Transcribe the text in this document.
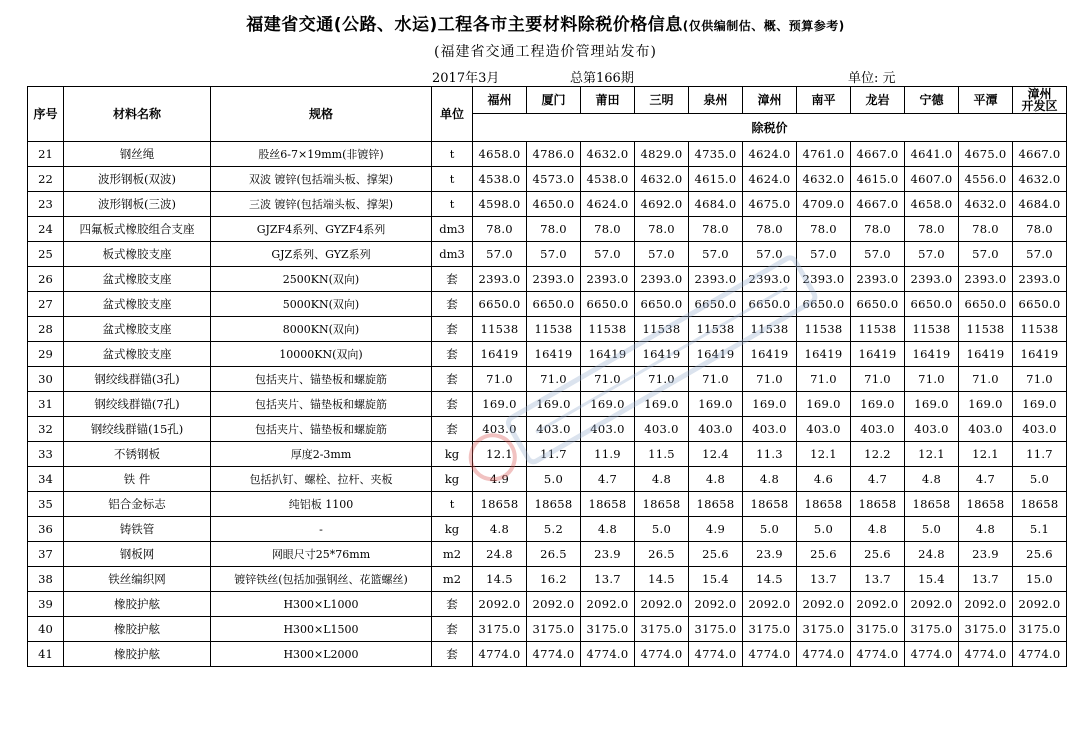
福建省交通(公路、水运)工程各市主要材料除税价格信息(仅供编制估、概、预算参考)
(福建省交通工程造价管理站发布)
2017年3月	总第166期	单位: 元
序号	材料名称	规格	单位	福州	厦门	莆田	三明	泉州	漳州	南平	龙岩	宁德	平潭	漳州
开发区
				除税价										
21	钢丝绳	股丝6-7×19mm(非镀锌)	t	4658.0	4786.0	4632.0	4829.0	4735.0	4624.0	4761.0	4667.0	4641.0	4675.0	4667.0
22	波形钢板(双波)	双波 镀锌(包括端头板、撑架)	t	4538.0	4573.0	4538.0	4632.0	4615.0	4624.0	4632.0	4615.0	4607.0	4556.0	4632.0
23	波形钢板(三波)	三波 镀锌(包括端头板、撑架)	t	4598.0	4650.0	4624.0	4692.0	4684.0	4675.0	4709.0	4667.0	4658.0	4632.0	4684.0
24	四氟板式橡胶组合支座	GJZF4系列、GYZF4系列	dm3	78.0	78.0	78.0	78.0	78.0	78.0	78.0	78.0	78.0	78.0	78.0
25	板式橡胶支座	GJZ系列、GYZ系列	dm3	57.0	57.0	57.0	57.0	57.0	57.0	57.0	57.0	57.0	57.0	57.0
26	盆式橡胶支座	2500KN(双向)	套	2393.0	2393.0	2393.0	2393.0	2393.0	2393.0	2393.0	2393.0	2393.0	2393.0	2393.0
27	盆式橡胶支座	5000KN(双向)	套	6650.0	6650.0	6650.0	6650.0	6650.0	6650.0	6650.0	6650.0	6650.0	6650.0	6650.0
28	盆式橡胶支座	8000KN(双向)	套	11538	11538	11538	11538	11538	11538	11538	11538	11538	11538	11538
29	盆式橡胶支座	10000KN(双向)	套	16419	16419	16419	16419	16419	16419	16419	16419	16419	16419	16419
30	钢绞线群锚(3孔)	包括夹片、锚垫板和螺旋筋	套	71.0	71.0	71.0	71.0	71.0	71.0	71.0	71.0	71.0	71.0	71.0
31	钢绞线群锚(7孔)	包括夹片、锚垫板和螺旋筋	套	169.0	169.0	169.0	169.0	169.0	169.0	169.0	169.0	169.0	169.0	169.0
32	钢绞线群锚(15孔)	包括夹片、锚垫板和螺旋筋	套	403.0	403.0	403.0	403.0	403.0	403.0	403.0	403.0	403.0	403.0	403.0
33	不锈钢板	厚度2-3mm	kg	12.1	11.7	11.9	11.5	12.4	11.3	12.1	12.2	12.1	12.1	11.7
34	铁 件	包括扒钉、螺栓、拉杆、夹板	kg	4.9	5.0	4.7	4.8	4.8	4.8	4.6	4.7	4.8	4.7	5.0
35	铝合金标志	纯铝板 1100	t	18658	18658	18658	18658	18658	18658	18658	18658	18658	18658	18658
36	铸铁管	-	kg	4.8	5.2	4.8	5.0	4.9	5.0	5.0	4.8	5.0	4.8	5.1
37	钢板网	网眼尺寸25*76mm	m2	24.8	26.5	23.9	26.5	25.6	23.9	25.6	25.6	24.8	23.9	25.6
38	铁丝编织网	镀锌铁丝(包括加强钢丝、花篮螺丝)	m2	14.5	16.2	13.7	14.5	15.4	14.5	13.7	13.7	15.4	13.7	15.0
39	橡胶护舷	H300×L1000	套	2092.0	2092.0	2092.0	2092.0	2092.0	2092.0	2092.0	2092.0	2092.0	2092.0	2092.0
40	橡胶护舷	H300×L1500	套	3175.0	3175.0	3175.0	3175.0	3175.0	3175.0	3175.0	3175.0	3175.0	3175.0	3175.0
41	橡胶护舷	H300×L2000	套	4774.0	4774.0	4774.0	4774.0	4774.0	4774.0	4774.0	4774.0	4774.0	4774.0	4774.0
